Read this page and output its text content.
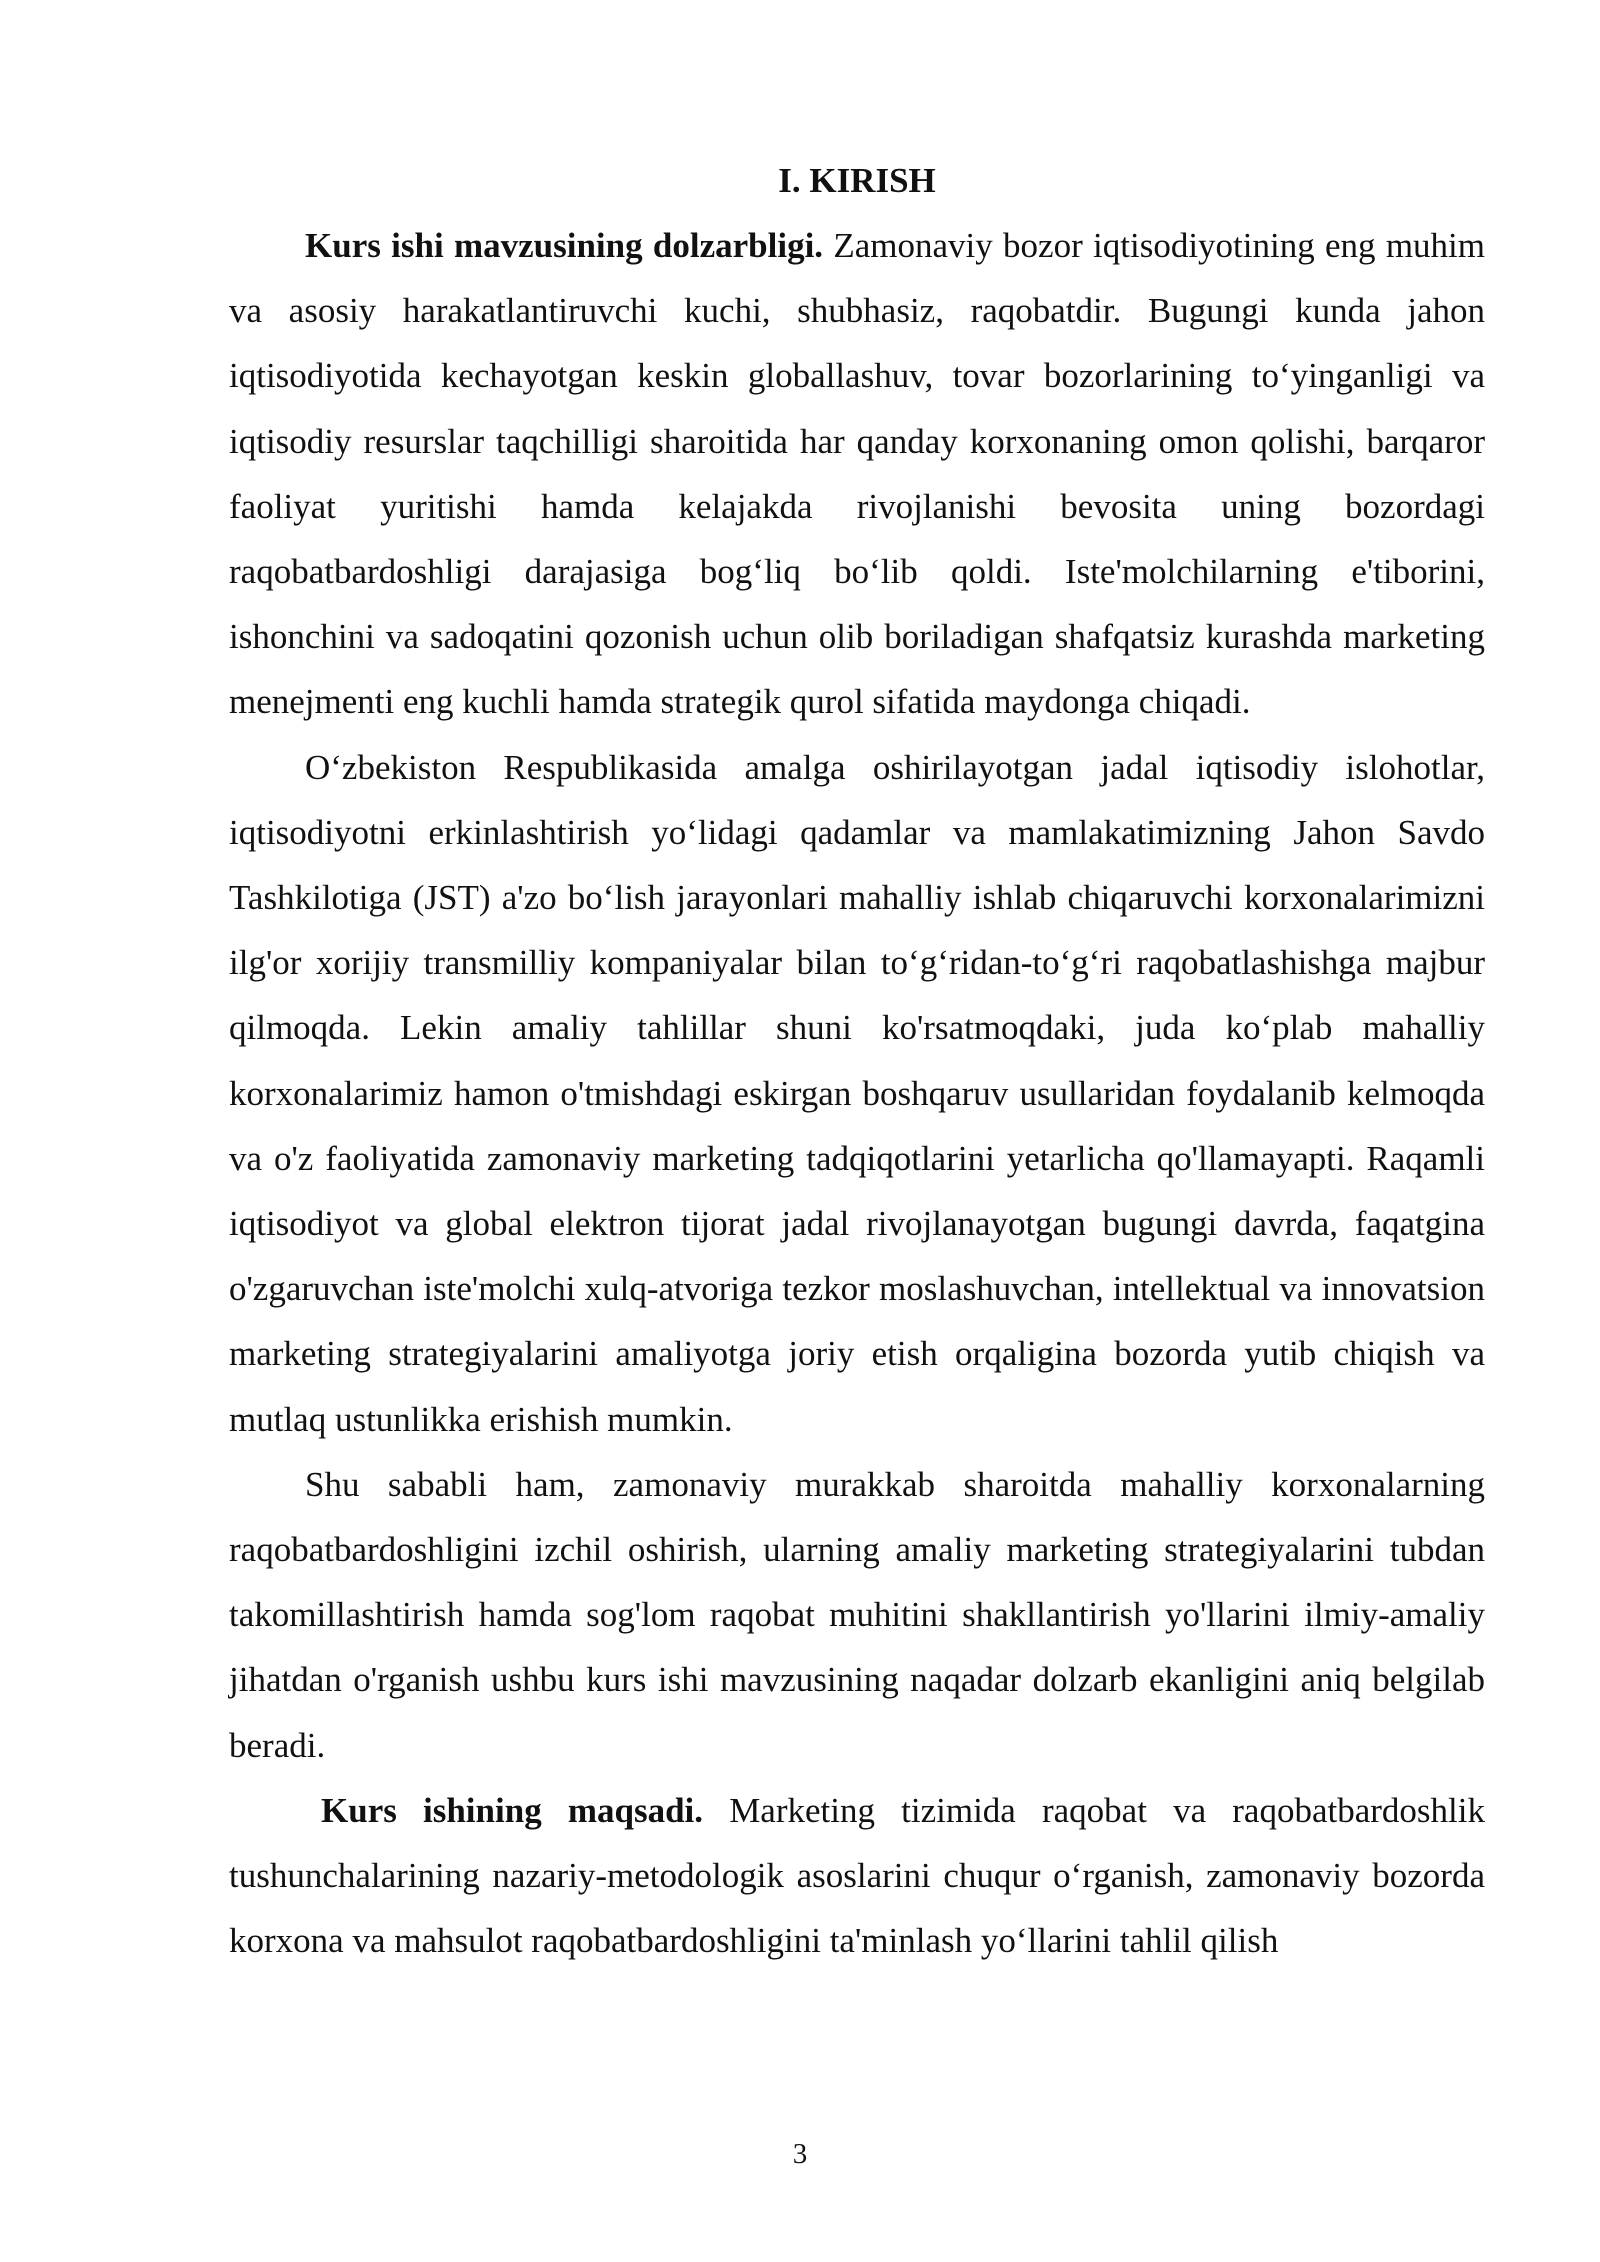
I. KIRISH

Kurs ishi mavzusining dolzarbligi. Zamonaviy bozor iqtisodiyotining eng muhim va asosiy harakatlantiruvchi kuchi, shubhasiz, raqobatdir. Bugungi kunda jahon iqtisodiyotida kechayotgan keskin globallashuv, tovar bozorlarining to‘yinganligi va iqtisodiy resurslar taqchilligi sharoitida har qanday korxonaning omon qolishi, barqaror faoliyat yuritishi hamda kelajakda rivojlanishi bevosita uning bozordagi raqobatbardoshligi darajasiga bog‘liq bo‘lib qoldi. Iste'molchilarning e'tiborini, ishonchini va sadoqatini qozonish uchun olib boriladigan shafqatsiz kurashda marketing menejmenti eng kuchli hamda strategik qurol sifatida maydonga chiqadi.

O‘zbekiston Respublikasida amalga oshirilayotgan jadal iqtisodiy islohotlar, iqtisodiyotni erkinlashtirish yo‘lidagi qadamlar va mamlakatimizning Jahon Savdo Tashkilotiga (JST) a'zo bo‘lish jarayonlari mahalliy ishlab chiqaruvchi korxonalarimizni ilg'or xorijiy transmilliy kompaniyalar bilan to‘g‘ridan-to‘g‘ri raqobatlashishga majbur qilmoqda. Lekin amaliy tahlillar shuni ko'rsatmoqdaki, juda ko‘plab mahalliy korxonalarimiz hamon o'tmishdagi eskirgan boshqaruv usullaridan foydalanib kelmoqda va o'z faoliyatida zamonaviy marketing tadqiqotlarini yetarlicha qo'llamayapti. Raqamli iqtisodiyot va global elektron tijorat jadal rivojlanayotgan bugungi davrda, faqatgina o'zgaruvchan iste'molchi xulq-atvoriga tezkor moslashuvchan, intellektual va innovatsion marketing strategiyalarini amaliyotga joriy etish orqaligina bozorda yutib chiqish va mutlaq ustunlikka erishish mumkin.

Shu sababli ham, zamonaviy murakkab sharoitda mahalliy korxonalarning raqobatbardoshligini izchil oshirish, ularning amaliy marketing strategiyalarini tubdan takomillashtirish hamda sog'lom raqobat muhitini shakllantirish yo'llarini ilmiy-amaliy jihatdan o'rganish ushbu kurs ishi mavzusining naqadar dolzarb ekanligini aniq belgilab beradi.

Kurs ishining maqsadi. Marketing tizimida raqobat va raqobatbardoshlik tushunchalarining nazariy-metodologik asoslarini chuqur o‘rganish, zamonaviy bozorda korxona va mahsulot raqobatbardoshligini ta'minlash yo‘llarini tahlil qilish

3
